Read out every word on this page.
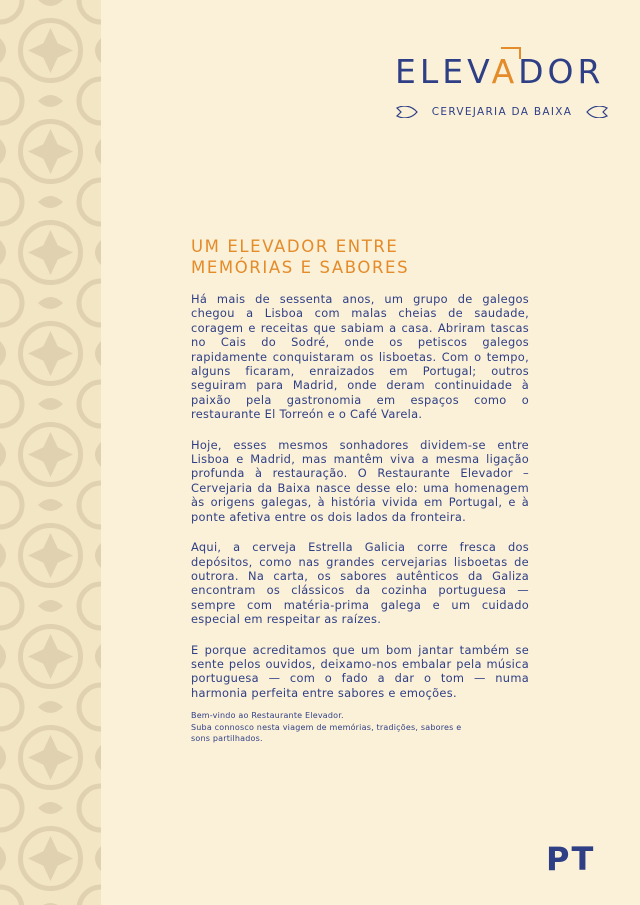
ELEVADOR
CERVEJARIA DA BAIXA
UM ELEVADOR ENTRE
MEMÓRIAS E SABORES

Há mais de sessenta anos, um grupo de galegos chegou a Lisboa com malas cheias de saudade, coragem e receitas que sabiam a casa. Abriram tascas no Cais do Sodré, onde os petiscos galegos rapidamente conquistaram os lisboetas. Com o tempo, alguns ficaram, enraizados em Portugal; outros seguiram para Madrid, onde deram continuidade à paixão pela gastronomia em espaços como o restaurante El Torreón e o Café Varela.

Hoje, esses mesmos sonhadores dividem-se entre Lisboa e Madrid, mas mantêm viva a mesma ligação profunda à restauração. O Restaurante Elevador – Cervejaria da Baixa nasce desse elo: uma homenagem às origens galegas, à história vivida em Portugal, e à ponte afetiva entre os dois lados da fronteira.

Aqui, a cerveja Estrella Galicia corre fresca dos depósitos, como nas grandes cervejarias lisboetas de outrora. Na carta, os sabores autênticos da Galiza encontram os clássicos da cozinha portuguesa — sempre com matéria-prima galega e um cuidado especial em respeitar as raízes.

E porque acreditamos que um bom jantar também se sente pelos ouvidos, deixamo-nos embalar pela música portuguesa — com o fado a dar o tom — numa harmonia perfeita entre sabores e emoções.

Bem-vindo ao Restaurante Elevador.
Suba connosco nesta viagem de memórias, tradições, sabores e
sons partilhados.
PT
